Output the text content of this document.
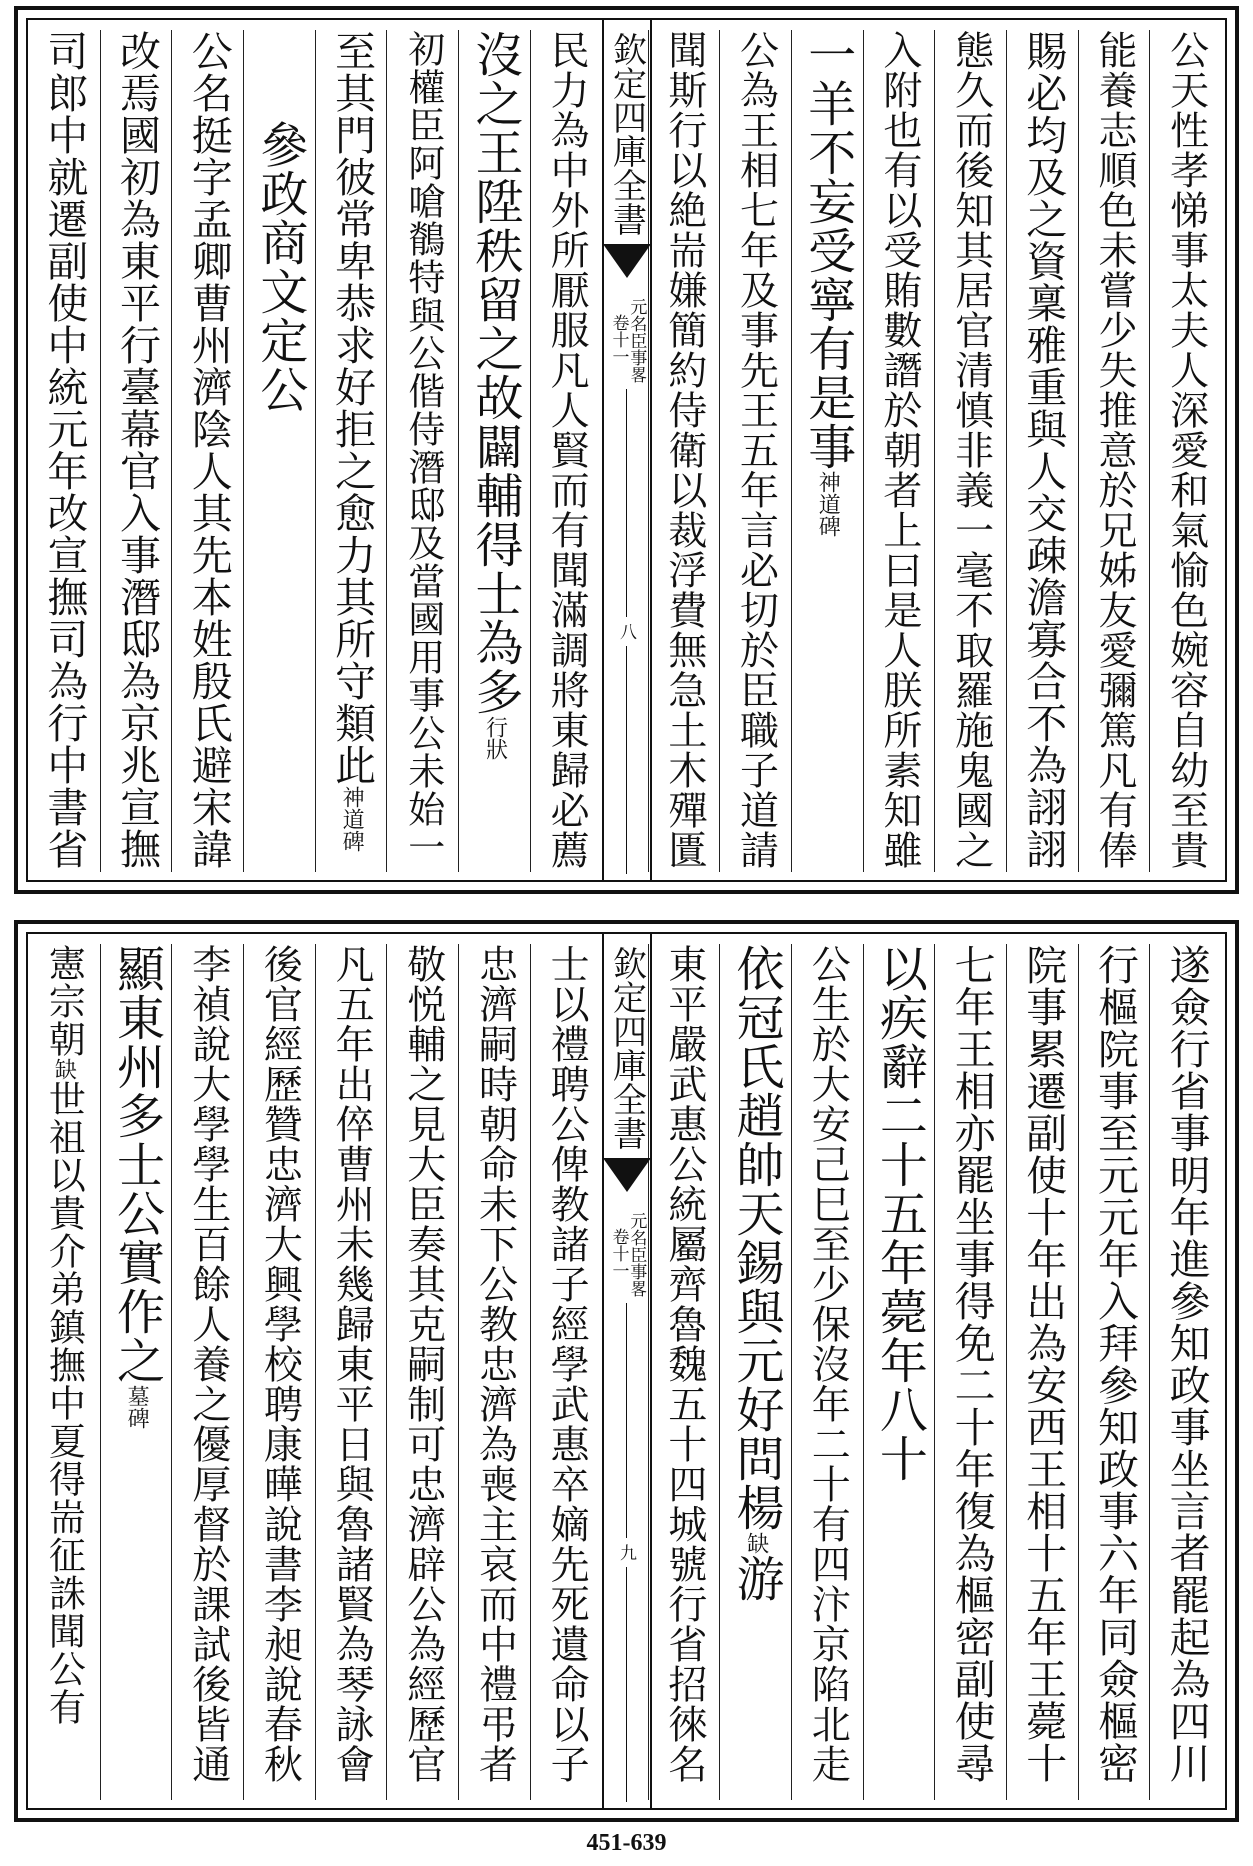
公天性孝悌事太夫人深愛和氣愉色婉容自幼至貴
能養志順色未嘗少失推意於兄姊友愛彌篤凡有俸
賜必均及之資稟雅重與人交疎澹寡合不為詡詡
態久而後知其居官清慎非義一毫不取羅施鬼國之
入附也有以受賄數譖於朝者上曰是人朕所素知雖
一羊不妄受寧有是事
神道碑
公為王相七年及事先王五年言必切於臣職子道請
聞斯行以絶耑嫌簡約侍衛以裁浮費無急土木殫匱
欽定四庫全書
元名臣事畧
卷十一
八
民力為中外所厭服凡人賢而有聞滿調將東歸必薦
沒之王陞秩留之故闢輔得士為多
行狀
初權臣阿嗆鶺特與公偕侍潛邸及當國用事公未始一
至其門彼常卑恭求好拒之愈力其所守類此
神道碑
參政商文定公
公名挺字孟卿曹州濟陰人其先本姓殷氏避宋諱
改焉國初為東平行臺幕官入事潛邸為京兆宣撫
司郎中就遷副使中統元年改宣撫司為行中書省
遂僉行省事明年進參知政事坐言者罷起為四川
行樞院事至元元年入拜參知政事六年同僉樞密
院事累遷副使十年出為安西王相十五年王薨十
七年王相亦罷坐事得免二十年復為樞密副使尋
以疾辭二十五年薨年八十
公生於大安己巳至少保沒年二十有四汴京陷北走
依冠氏趙帥天錫與元好問楊
缺
游
東平嚴武惠公統屬齊魯魏五十四城號行省招徠名
欽定四庫全書
元名臣事畧
卷十一
九
士以禮聘公俾教諸子經學武惠卒嫡先死遺命以子
忠濟嗣時朝命未下公教忠濟為喪主哀而中禮弔者
敬悦輔之見大臣奏其克嗣制可忠濟辟公為經歷官
凡五年出倅曹州未幾歸東平日與魯諸賢為琴詠會
後官經歷贊忠濟大興學校聘康曄說書李昶說春秋
李禎說大學學生百餘人養之優厚督於課試後皆通
顯東州多士公實作之
墓碑
憲宗朝
缺
世祖以貴介弟鎮撫中夏得耑征誅聞公有
451-639
